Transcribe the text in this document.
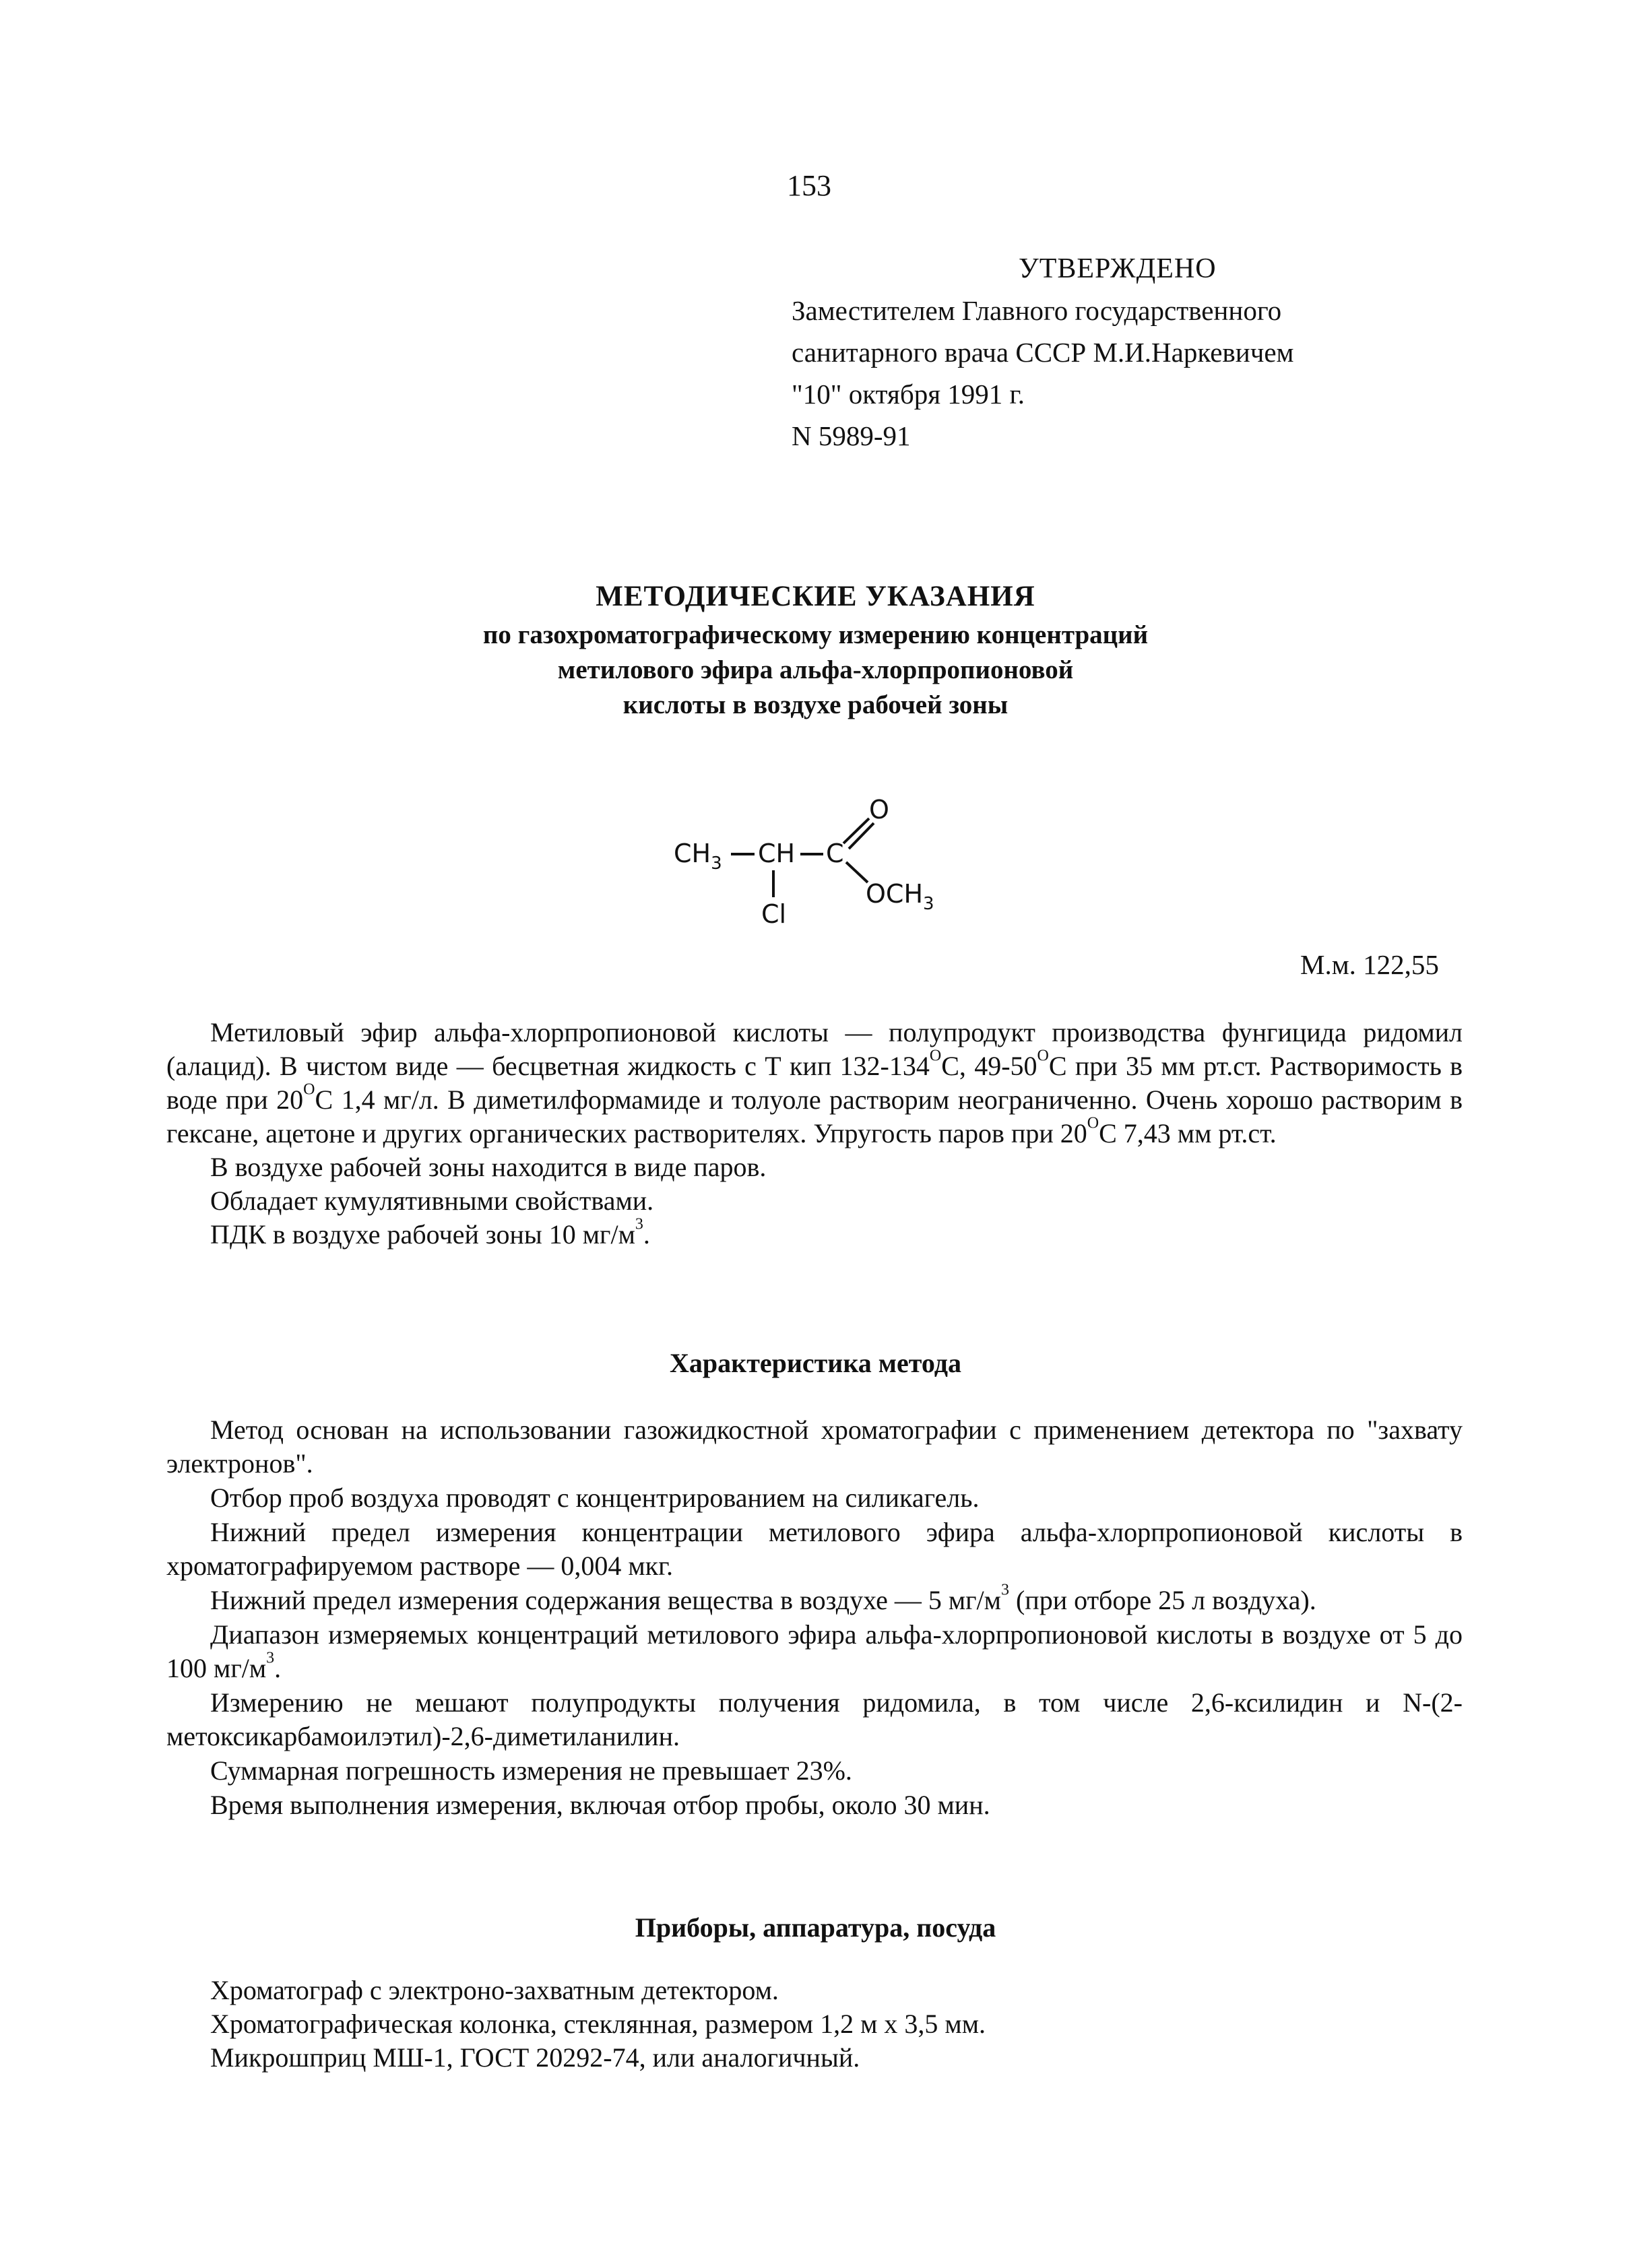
153
УТВЕРЖДЕНО
Заместителем Главного государственного
санитарного врача СССР М.И.Наркевичем
"10" октября 1991 г.
N 5989-91
МЕТОДИЧЕСКИЕ УКАЗАНИЯ
по газохроматографическому измерению концентраций
метилового эфира альфа-хлорпропионовой
кислоты в воздухе рабочей зоны
$CH_3$ CH
Cl
C
O
$OCH_3$
М.м. 122,55

Метиловый эфир альфа-хлорпропионовой кислоты — полупродукт производства фунгицида ридомил (алацид). В чистом виде — бесцветная жидкость с Т кип $132-134^ОС$, $49-50^ОС$ при 35 мм рт.ст. Растворимость в воде при $20^ОС$ 1,4 мг/л. В диметилформамиде и толуоле растворим неограниченно. Очень хорошо растворим в гексане, ацетоне и других органических растворителях. Упругость паров при $20^ОС$ 7,43 мм рт.ст.

В воздухе рабочей зоны находится в виде паров.

Обладает кумулятивными свойствами.

ПДК в воздухе рабочей зоны 10 $мг/м^3$.

Характеристика метода

Метод основан на использовании газожидкостной хроматографии с применением детектора по "захвату электронов".

Отбор проб воздуха проводят с концентрированием на силикагель.

Нижний предел измерения концентрации метилового эфира альфа-хлорпропионовой кислоты в хроматографируемом растворе — 0,004 мкг.

Нижний предел измерения содержания вещества в воздухе — 5 $мг/м^3$ (при отборе 25 л воздуха).

Диапазон измеряемых концентраций метилового эфира альфа-хлорпропионовой кислоты в воздухе от 5 до 100 $мг/м^3$.

Измерению не мешают полупродукты получения ридомила, в том числе 2,6-ксилидин и N-(2-метоксикарбамоилэтил)-2,6-диметиланилин.

Суммарная погрешность измерения не превышает 23%.

Время выполнения измерения, включая отбор пробы, около 30 мин.

Приборы, аппаратура, посуда

Хроматограф с электроно-захватным детектором.

Хроматографическая колонка, стеклянная, размером 1,2 м х 3,5 мм.

Микрошприц МШ-1, ГОСТ 20292-74, или аналогичный.
